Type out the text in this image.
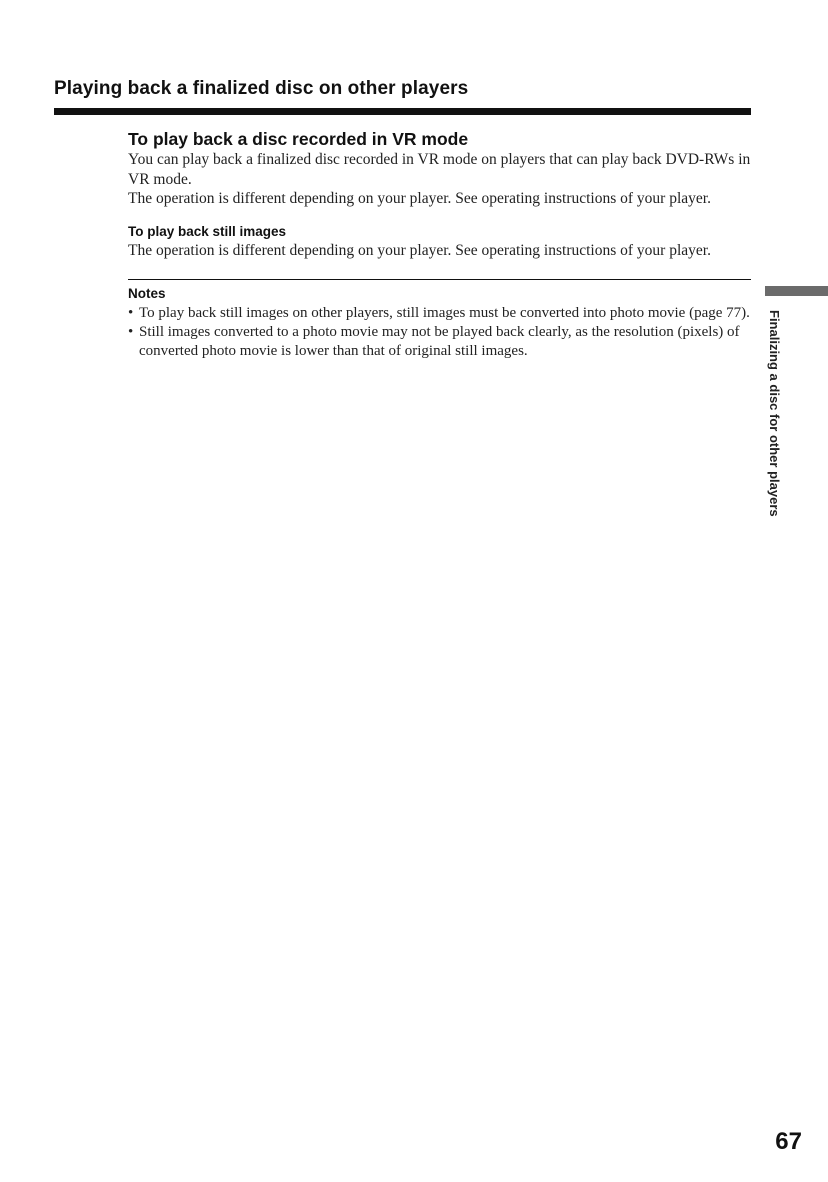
Playing back a finalized disc on other players
To play back a disc recorded in VR mode

You can play back a finalized disc recorded in VR mode on players that can play back DVD-RWs in VR mode.

The operation is different depending on your player. See operating instructions of your player.

To play back still images

The operation is different depending on your player. See operating instructions of your player.

Notes
• To play back still images on other players, still images must be converted into photo movie (page 77).
• Still images converted to a photo movie may not be played back clearly, as the resolution (pixels) of converted photo movie is lower than that of original still images.	Finalizing a disc for other players

67
